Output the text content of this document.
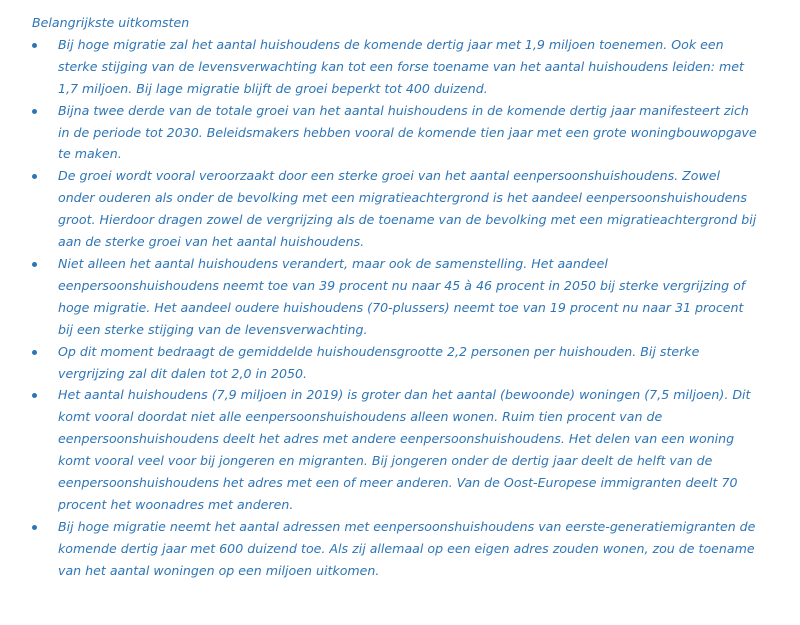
Belangrijkste uitkomsten

Bij hoge migratie zal het aantal huishoudens de komende dertig jaar met 1,9 miljoen toenemen. Ook een sterke stijging van de levensverwachting kan tot een forse toename van het aantal huishoudens leiden: met 1,7 miljoen. Bij lage migratie blijft de groei beperkt tot 400 duizend.
Bijna twee derde van de totale groei van het aantal huishoudens in de komende dertig jaar manifesteert zich in de periode tot 2030. Beleidsmakers hebben vooral de komende tien jaar met een grote woningbouwopgave te maken.
De groei wordt vooral veroorzaakt door een sterke groei van het aantal eenpersoonshuishoudens. Zowel onder ouderen als onder de bevolking met een migratieachtergrond is het aandeel eenpersoonshuishoudens groot. Hierdoor dragen zowel de vergrijzing als de toename van de bevolking met een migratieachtergrond bij aan de sterke groei van het aantal huishoudens.
Niet alleen het aantal huishoudens verandert, maar ook de samenstelling. Het aandeel eenpersoonshuishoudens neemt toe van 39 procent nu naar 45 à 46 procent in 2050 bij sterke vergrijzing of hoge migratie. Het aandeel oudere huishoudens (70-plussers) neemt toe van 19 procent nu naar 31 procent bij een sterke stijging van de levensverwachting.
Op dit moment bedraagt de gemiddelde huishoudensgrootte 2,2 personen per huishouden. Bij sterke vergrijzing zal dit dalen tot 2,0 in 2050.
Het aantal huishoudens (7,9 miljoen in 2019) is groter dan het aantal (bewoonde) woningen (7,5 miljoen). Dit komt vooral doordat niet alle eenpersoonshuishoudens alleen wonen. Ruim tien procent van de eenpersoonshuishoudens deelt het adres met andere eenpersoonshuishoudens. Het delen van een woning komt vooral veel voor bij jongeren en migranten. Bij jongeren onder de dertig jaar deelt de helft van de eenpersoonshuishoudens het adres met een of meer anderen. Van de Oost-Europese immigranten deelt 70 procent het woonadres met anderen.
Bij hoge migratie neemt het aantal adressen met eenpersoonshuishoudens van eerste-generatiemigranten de komende dertig jaar met 600 duizend toe. Als zij allemaal op een eigen adres zouden wonen, zou de toename van het aantal woningen op een miljoen uitkomen.
